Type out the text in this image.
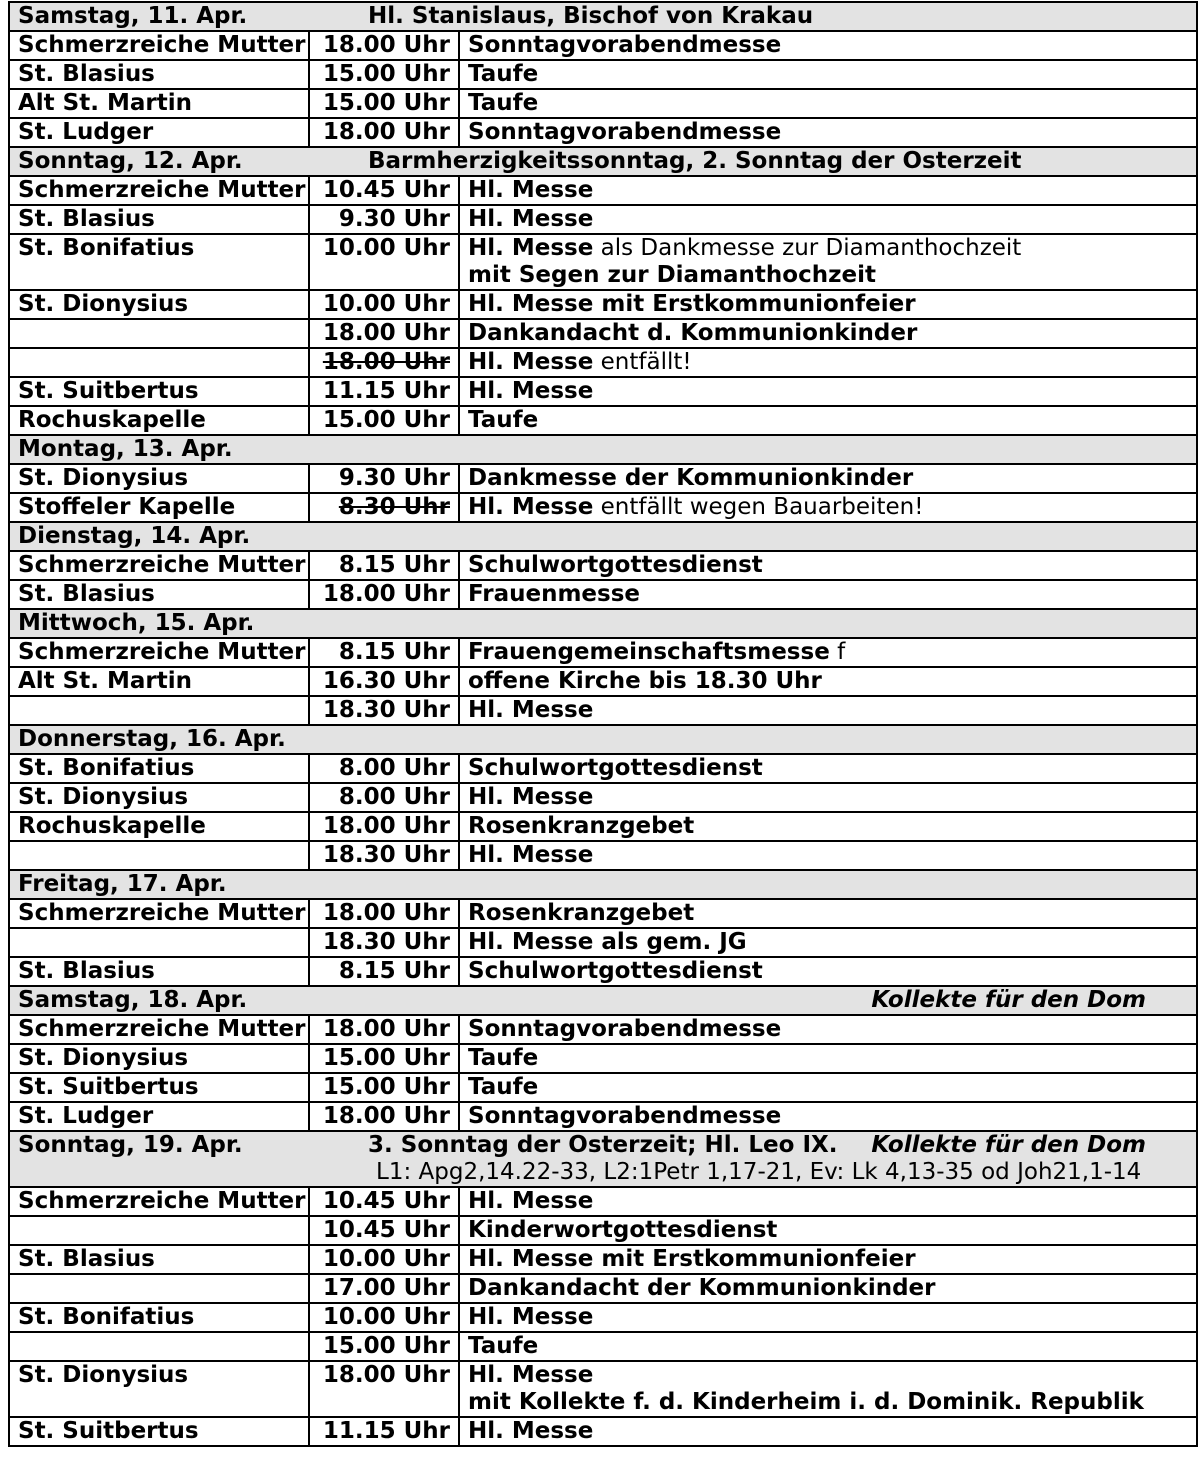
Samstag, 11. Apr. Hl. Stanislaus, Bischof von Krakau		
Schmerzreiche Mutter	18.00 Uhr	Sonntagvorabendmesse

St. Blasius	15.00 Uhr	Taufe

Alt St. Martin	15.00 Uhr	Taufe

St. Ludger	18.00 Uhr	Sonntagvorabendmesse

Sonntag, 12. Apr. Barmherzigkeitssonntag, 2. Sonntag der Osterzeit		
Schmerzreiche Mutter	10.45 Uhr	Hl. Messe

St. Blasius	9.30 Uhr	Hl. Messe

St. Bonifatius	10.00 Uhr	Hl. Messe als Dankmesse zur Diamanthochzeit
mit Segen zur Diamanthochzeit

St. Dionysius	10.00 Uhr	Hl. Messe mit Erstkommunionfeier

	18.00 Uhr	Dankandacht d. Kommunionkinder

	18.00 Uhr	Hl. Messe entfällt!

St. Suitbertus	11.15 Uhr	Hl. Messe

Rochuskapelle	15.00 Uhr	Taufe

Montag, 13. Apr.		
St. Dionysius	9.30 Uhr	Dankmesse der Kommunionkinder

Stoffeler Kapelle	8.30 Uhr	Hl. Messe entfällt wegen Bauarbeiten!

Dienstag, 14. Apr.		
Schmerzreiche Mutter	8.15 Uhr	Schulwortgottesdienst

St. Blasius	18.00 Uhr	Frauenmesse

Mittwoch, 15. Apr.		
Schmerzreiche Mutter	8.15 Uhr	Frauengemeinschaftsmesse f

Alt St. Martin	16.30 Uhr	offene Kirche bis 18.30 Uhr

	18.30 Uhr	Hl. Messe

Donnerstag, 16. Apr.		
St. Bonifatius	8.00 Uhr	Schulwortgottesdienst

St. Dionysius	8.00 Uhr	Hl. Messe

Rochuskapelle	18.00 Uhr	Rosenkranzgebet

	18.30 Uhr	Hl. Messe

Freitag, 17. Apr.		
Schmerzreiche Mutter	18.00 Uhr	Rosenkranzgebet

	18.30 Uhr	Hl. Messe als gem. JG

St. Blasius	8.15 Uhr	Schulwortgottesdienst

Samstag, 18. Apr. Kollekte für den Dom		

Schmerzreiche Mutter	18.00 Uhr	Sonntagvorabendmesse

St. Dionysius	15.00 Uhr	Taufe

St. Suitbertus	15.00 Uhr	Taufe

St. Ludger	18.00 Uhr	Sonntagvorabendmesse

Sonntag, 19. Apr. 3. Sonntag der Osterzeit; Hl. Leo IX. Kollekte für den Dom
L1: Apg2,14.22-33, L2:1Petr 1,17-21, Ev: Lk 4,13-35 od Joh21,1-14		

Schmerzreiche Mutter	10.45 Uhr	Hl. Messe

	10.45 Uhr	Kinderwortgottesdienst

St. Blasius	10.00 Uhr	Hl. Messe mit Erstkommunionfeier

	17.00 Uhr	Dankandacht der Kommunionkinder

St. Bonifatius	10.00 Uhr	Hl. Messe

	15.00 Uhr	Taufe

St. Dionysius	18.00 Uhr	Hl. Messe
mit Kollekte f. d. Kinderheim i. d. Dominik. Republik

St. Suitbertus	11.15 Uhr	Hl. Messe
